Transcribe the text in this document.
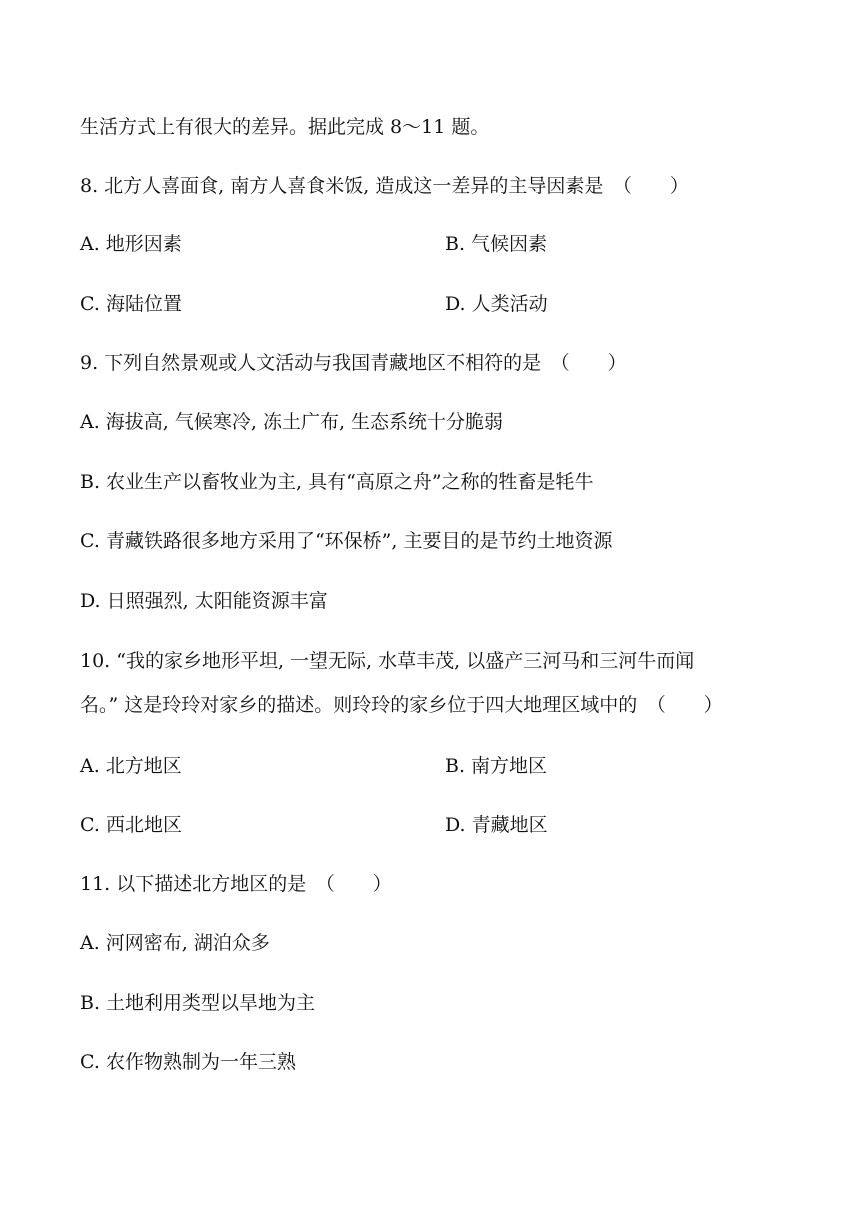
生活方式上有很大的差异。据此完成 8～11 题。
8. 北方人喜面食, 南方人喜食米饭, 造成这一差异的主导因素是　（　　）
A. 地形因素	B. 气候因素
C. 海陆位置	D. 人类活动
9. 下列自然景观或人文活动与我国青藏地区不相符的是　（　　）
A. 海拔高, 气候寒冷, 冻土广布, 生态系统十分脆弱
B. 农业生产以畜牧业为主, 具有“高原之舟”之称的牲畜是牦牛
C. 青藏铁路很多地方采用了“环保桥”, 主要目的是节约土地资源
D. 日照强烈, 太阳能资源丰富
10. “我的家乡地形平坦, 一望无际, 水草丰茂, 以盛产三河马和三河牛而闻
名。” 这是玲玲对家乡的描述。则玲玲的家乡位于四大地理区域中的　（　　）
A. 北方地区	B. 南方地区
C. 西北地区	D. 青藏地区
11. 以下描述北方地区的是　（　　）
A. 河网密布, 湖泊众多
B. 土地利用类型以旱地为主
C. 农作物熟制为一年三熟
